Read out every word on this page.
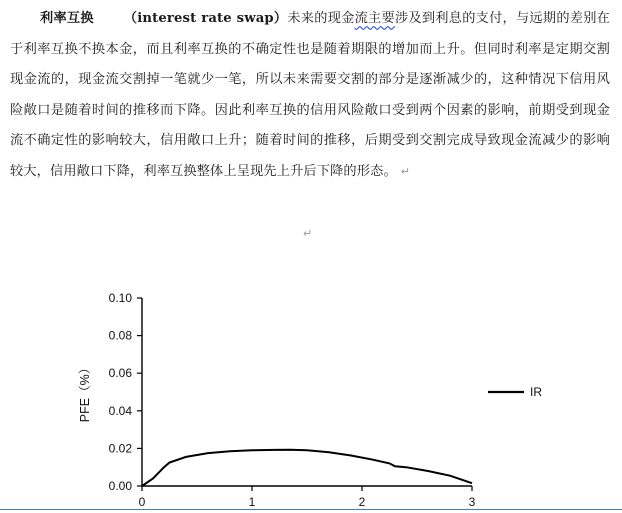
利率互换 （interest rate swap）未来的现金流主要涉及到利息的支付，与远期的差别在于利率互换不换本金，而且利率互换的不确定性也是随着期限的增加而上升。但同时利率是定期交割现金流的，现金流交割掉一笔就少一笔，所以未来需要交割的部分是逐渐减少的，这种情况下信用风险敞口是随着时间的推移而下降。因此利率互换的信用风险敞口受到两个因素的影响，前期受到现金流不确定性的影响较大，信用敞口上升；随着时间的推移，后期受到交割完成导致现金流减少的影响较大，信用敞口下降，利率互换整体上呈现先上升后下降的形态。 ↵

↵
0.00
0.02
0.04
0.06
0.08
0.10
0	1	2	3
PFE（%）	IR
